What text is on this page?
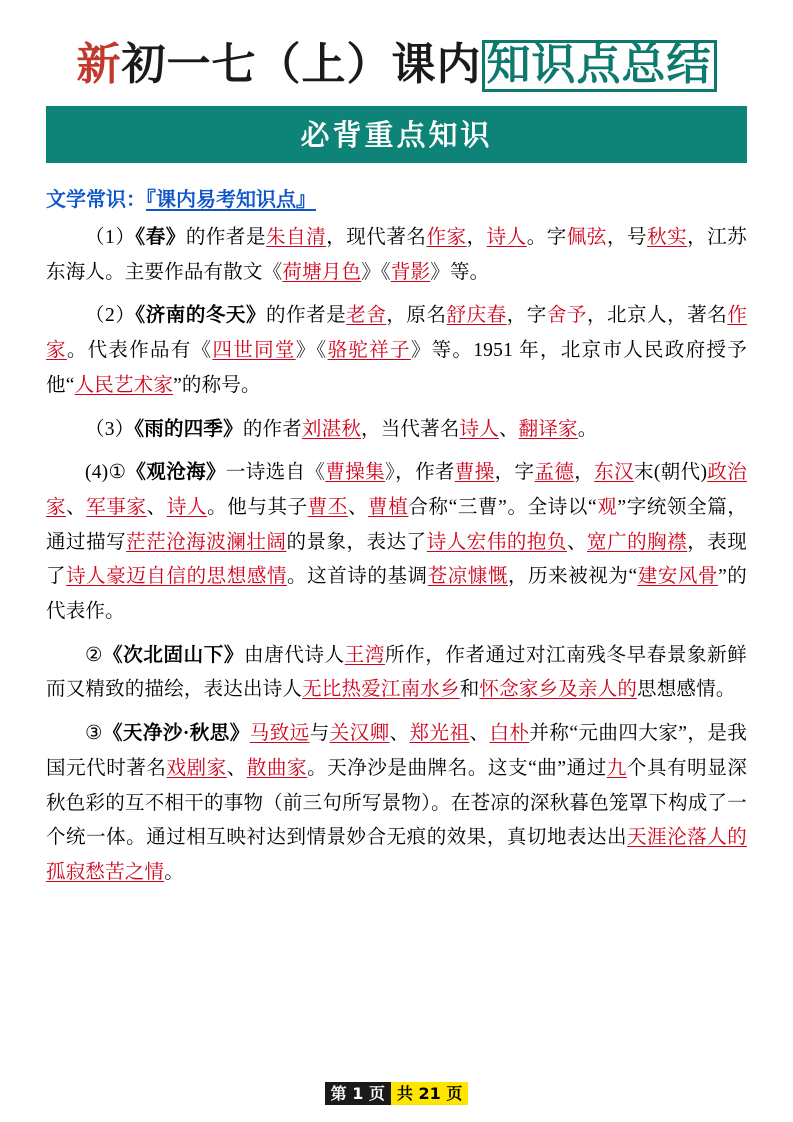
新 初一 七（上） 课内 知识点总结
必背重点知识
文学常识：『课内易考知识点』
（1）《春》的作者是朱自清，现代著名作家，诗人。字佩弦，号秋实，江苏东海人。主要作品有散文《荷塘月色》《背影》等。
（2）《济南的冬天》的作者是老舍，原名舒庆春，字舍予，北京人，著名作家。代表作品有《四世同堂》《骆驼祥子》等。1951 年，北京市人民政府授予他“人民艺术家”的称号。
（3）《雨的四季》的作者刘湛秋，当代著名诗人、翻译家。
(4)①《观沧海》一诗选自《曹操集》，作者曹操，字孟德，东汉末(朝代)政治家、军事家、诗人。他与其子曹丕、曹植合称“三曹”。全诗以“观”字统领全篇，通过描写茫茫沧海波澜壮阔的景象，表达了诗人宏伟的抱负、宽广的胸襟，表现了诗人豪迈自信的思想感情。这首诗的基调苍凉慷慨，历来被视为“建安风骨”的代表作。
②《次北固山下》由唐代诗人王湾所作，作者通过对江南残冬早春景象新鲜而又精致的描绘，表达出诗人无比热爱江南水乡和怀念家乡及亲人的思想感情。
③《天净沙·秋思》马致远与关汉卿、郑光祖、白朴并称“元曲四大家”，是我国元代时著名戏剧家、散曲家。天净沙是曲牌名。这支“曲”通过九个具有明显深秋色彩的互不相干的事物（前三句所写景物）。在苍凉的深秋暮色笼罩下构成了一个统一体。通过相互映衬达到情景妙合无痕的效果，真切地表达出天涯沦落人的孤寂愁苦之情。
第 1 页 共 21 页
